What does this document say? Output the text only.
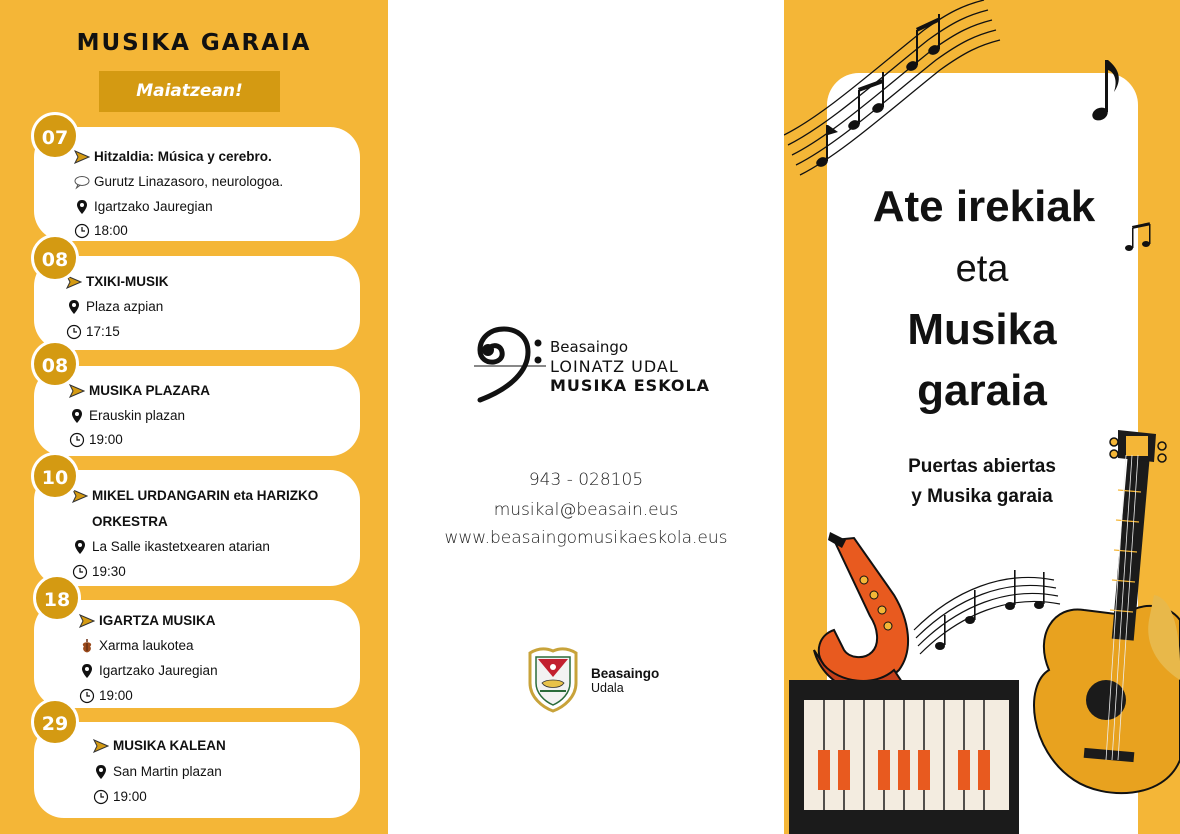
MUSIKA GARAIA
Maiatzean!
Hitzaldia: Música y cerebro.
Gurutz Linazasoro, neurologoa.
Igartzako Jauregian
18:00
07
TXIKI-MUSIK
Plaza azpian
17:15
08
MUSIKA PLAZARA
Erauskin plazan
19:00
08
MIKEL URDANGARIN eta HARIZKO
ORKESTRA
La Salle ikastetxearen atarian
19:30
10
IGARTZA MUSIKA
Xarma laukotea
Igartzako Jauregian
19:00
18
MUSIKA KALEAN
San Martin plazan
19:00
29
Beasaingo
LOINATZ UDAL
MUSIKA ESKOLA
943 - 028105
musikal@beasain.eus
www.beasaingomusikaeskola.eus
Beasaingo
Udala
Ate irekiak
eta
Musika
garaia
Puertas abiertas
y Musika garaia
